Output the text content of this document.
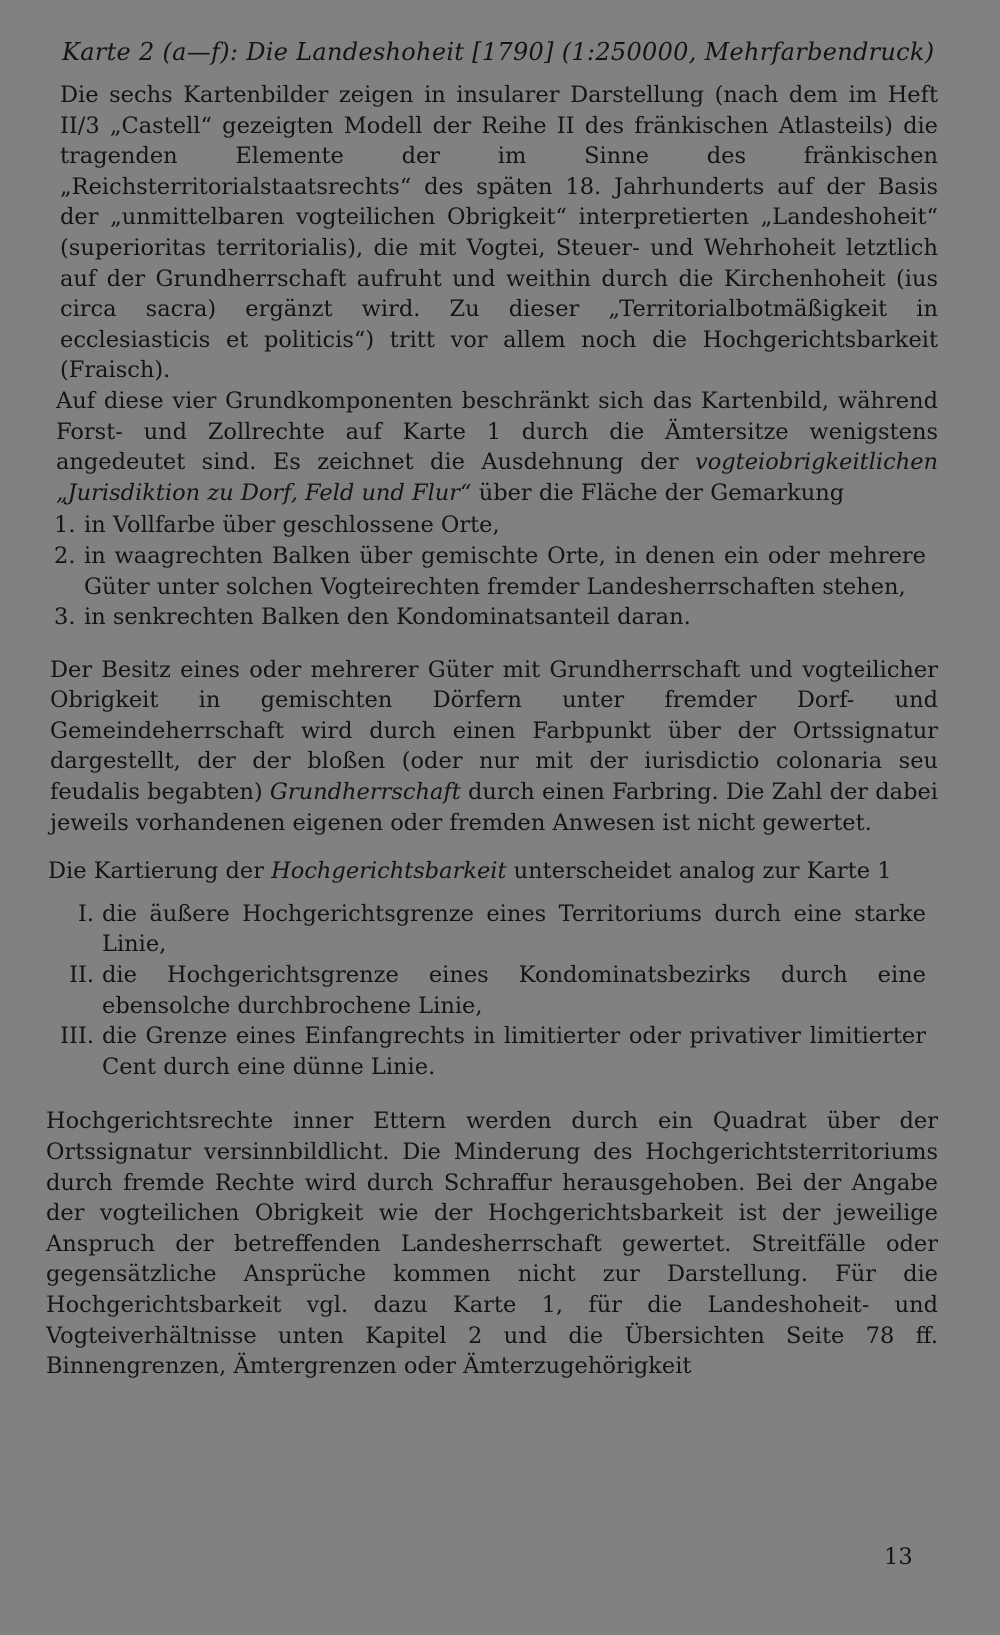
Karte 2 (a—f): Die Landeshoheit [1790] (1:250000, Mehrfarbendruck)

Die sechs Kartenbilder zeigen in insularer Darstellung (nach dem im Heft II/3 „Castell“ gezeigten Modell der Reihe II des fränkischen Atlasteils) die tragenden Elemente der im Sinne des fränkischen „Reichsterritorialstaatsrechts“ des späten 18. Jahrhunderts auf der Basis der „unmittelbaren vogteilichen Obrigkeit“ interpretierten „Landeshoheit“ (superioritas territorialis), die mit Vogtei, Steuer- und Wehrhoheit letztlich auf der Grundherrschaft aufruht und weithin durch die Kirchenhoheit (ius circa sacra) ergänzt wird. Zu dieser „Territorialbotmäßigkeit in ecclesiasticis et politicis“) tritt vor allem noch die Hochgerichtsbarkeit (Fraisch).

Auf diese vier Grundkomponenten beschränkt sich das Kartenbild, während Forst- und Zollrechte auf Karte 1 durch die Ämtersitze wenigstens angedeutet sind. Es zeichnet die Ausdehnung der vogteiobrigkeitlichen „Jurisdiktion zu Dorf, Feld und Flur“ über die Fläche der Gemarkung

1. in Vollfarbe über geschlossene Orte,
2. in waagrechten Balken über gemischte Orte, in denen ein oder mehrere Güter unter solchen Vogteirechten fremder Landesherrschaften stehen,
3. in senkrechten Balken den Kondominatsanteil daran.

Der Besitz eines oder mehrerer Güter mit Grundherrschaft und vogteilicher Obrigkeit in gemischten Dörfern unter fremder Dorf- und Gemeindeherrschaft wird durch einen Farbpunkt über der Ortssignatur dargestellt, der der bloßen (oder nur mit der iurisdictio colonaria seu feudalis begabten) Grundherrschaft durch einen Farbring. Die Zahl der dabei jeweils vorhandenen eigenen oder fremden Anwesen ist nicht gewertet.

Die Kartierung der Hochgerichtsbarkeit unterscheidet analog zur Karte 1

I. die äußere Hochgerichtsgrenze eines Territoriums durch eine starke Linie,
II. die Hochgerichtsgrenze eines Kondominatsbezirks durch eine ebensolche durchbrochene Linie,
III. die Grenze eines Einfangrechts in limitierter oder privativer limitierter Cent durch eine dünne Linie.

Hochgerichtsrechte inner Ettern werden durch ein Quadrat über der Ortssignatur versinnbildlicht. Die Minderung des Hochgerichtsterritoriums durch fremde Rechte wird durch Schraffur herausgehoben. Bei der Angabe der vogteilichen Obrigkeit wie der Hochgerichtsbarkeit ist der jeweilige Anspruch der betreffenden Landesherrschaft gewertet. Streitfälle oder gegensätzliche Ansprüche kommen nicht zur Darstellung. Für die Hochgerichtsbarkeit vgl. dazu Karte 1, für die Landeshoheit- und Vogteiverhältnisse unten Kapitel 2 und die Übersichten Seite 78 ff. Binnengrenzen, Ämtergrenzen oder Ämterzugehörigkeit

13
